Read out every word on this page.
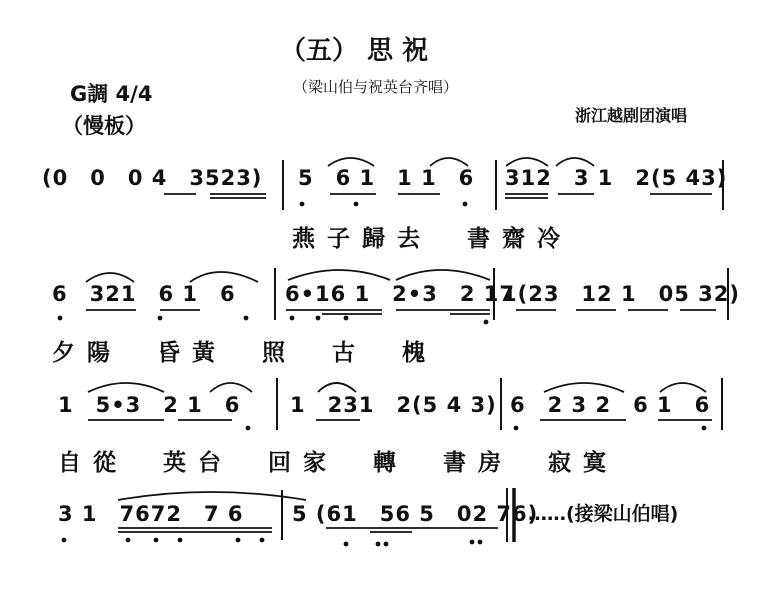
（五） 思 祝
（梁山伯与祝英台齐唱）
G調 4/4
（慢板）	浙江越剧团演唱
(0　0　0 4　3523) 5　6 1　1 1　6 312　3 1　2(5 43)
燕子歸去　書齋冷
6　321　6 1　6 6•16 1　2•3　2 17
1(23　12 1　05 32)
夕陽　昏黃　照　古　槐
1　5•3　2 1　6 1　231　2(5 4 3) 6　2 3 2　6 1　6
自從　英台　回家　轉　書房　寂寞
3 1　7672　7 6 5 (61　56 5　02 76)
……(接梁山伯唱)
